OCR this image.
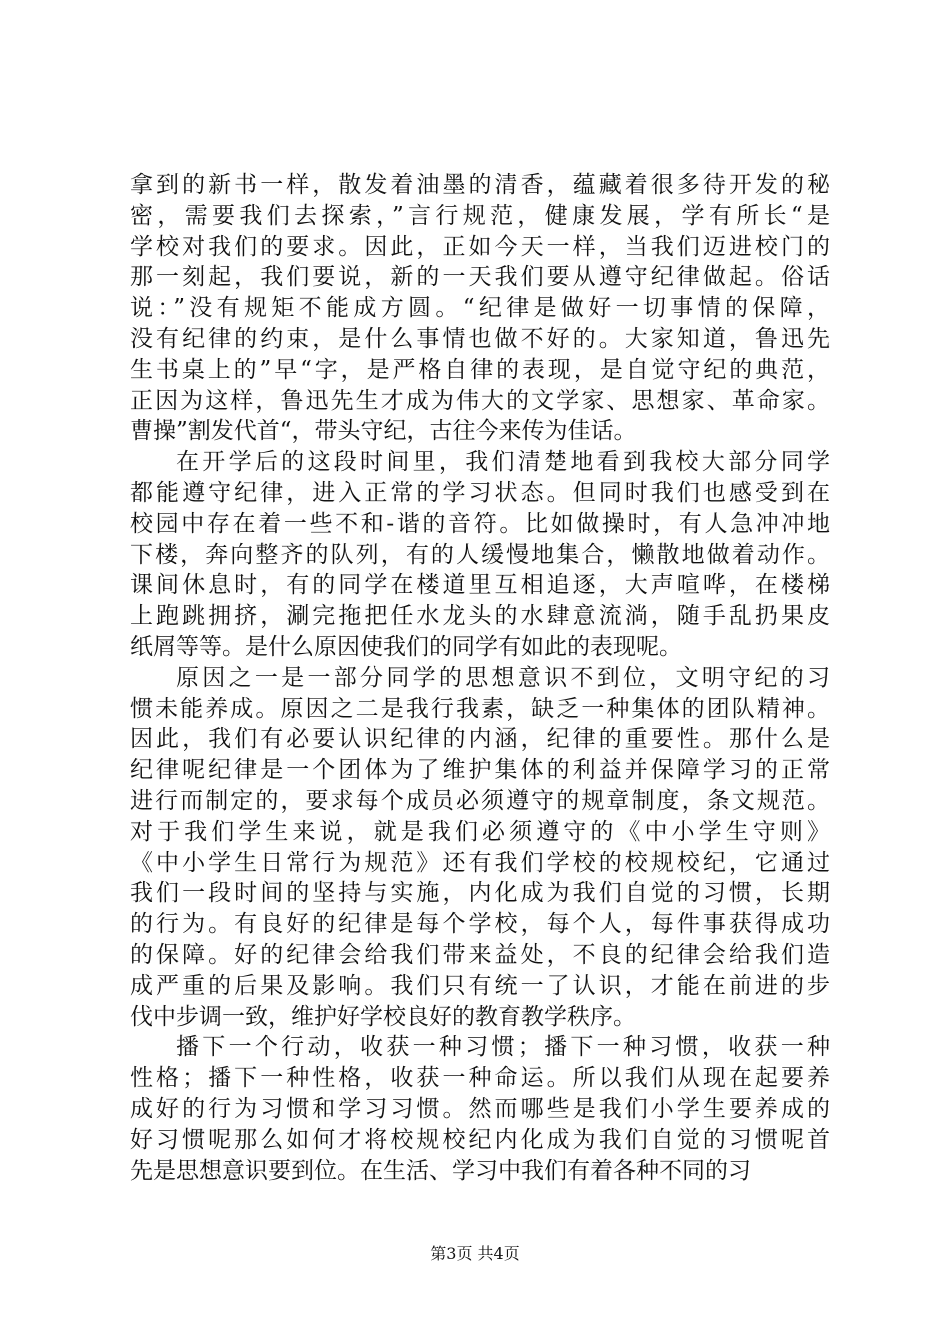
拿到的新书一样，散发着油墨的清香，蕴藏着很多待开发的秘
密，需要我们去探索，”言行规范，健康发展，学有所长“是
学校对我们的要求。因此，正如今天一样，当我们迈进校门的
那一刻起，我们要说，新的一天我们要从遵守纪律做起。俗话
说：”没有规矩不能成方圆。“纪律是做好一切事情的保障，
没有纪律的约束，是什么事情也做不好的。大家知道，鲁迅先
生书桌上的”早“字，是严格自律的表现，是自觉守纪的典范，
正因为这样，鲁迅先生才成为伟大的文学家、思想家、革命家。
曹操”割发代首“，带头守纪，古往今来传为佳话。
在开学后的这段时间里，我们清楚地看到我校大部分同学
都能遵守纪律，进入正常的学习状态。但同时我们也感受到在
校园中存在着一些不和-谐的音符。比如做操时，有人急冲冲地
下楼，奔向整齐的队列，有的人缓慢地集合，懒散地做着动作。
课间休息时，有的同学在楼道里互相追逐，大声喧哗，在楼梯
上跑跳拥挤，涮完拖把任水龙头的水肆意流淌，随手乱扔果皮
纸屑等等。是什么原因使我们的同学有如此的表现呢。
原因之一是一部分同学的思想意识不到位，文明守纪的习
惯未能养成。原因之二是我行我素，缺乏一种集体的团队精神。
因此，我们有必要认识纪律的内涵，纪律的重要性。那什么是
纪律呢纪律是一个团体为了维护集体的利益并保障学习的正常
进行而制定的，要求每个成员必须遵守的规章制度，条文规范。
对于我们学生来说，就是我们必须遵守的《中小学生守则》
《中小学生日常行为规范》还有我们学校的校规校纪，它通过
我们一段时间的坚持与实施，内化成为我们自觉的习惯，长期
的行为。有良好的纪律是每个学校，每个人，每件事获得成功
的保障。好的纪律会给我们带来益处，不良的纪律会给我们造
成严重的后果及影响。我们只有统一了认识，才能在前进的步
伐中步调一致，维护好学校良好的教育教学秩序。
播下一个行动，收获一种习惯；播下一种习惯，收获一种
性格；播下一种性格，收获一种命运。所以我们从现在起要养
成好的行为习惯和学习习惯。然而哪些是我们小学生要养成的
好习惯呢那么如何才将校规校纪内化成为我们自觉的习惯呢首
先是思想意识要到位。在生活、学习中我们有着各种不同的习
第3页 共4页
